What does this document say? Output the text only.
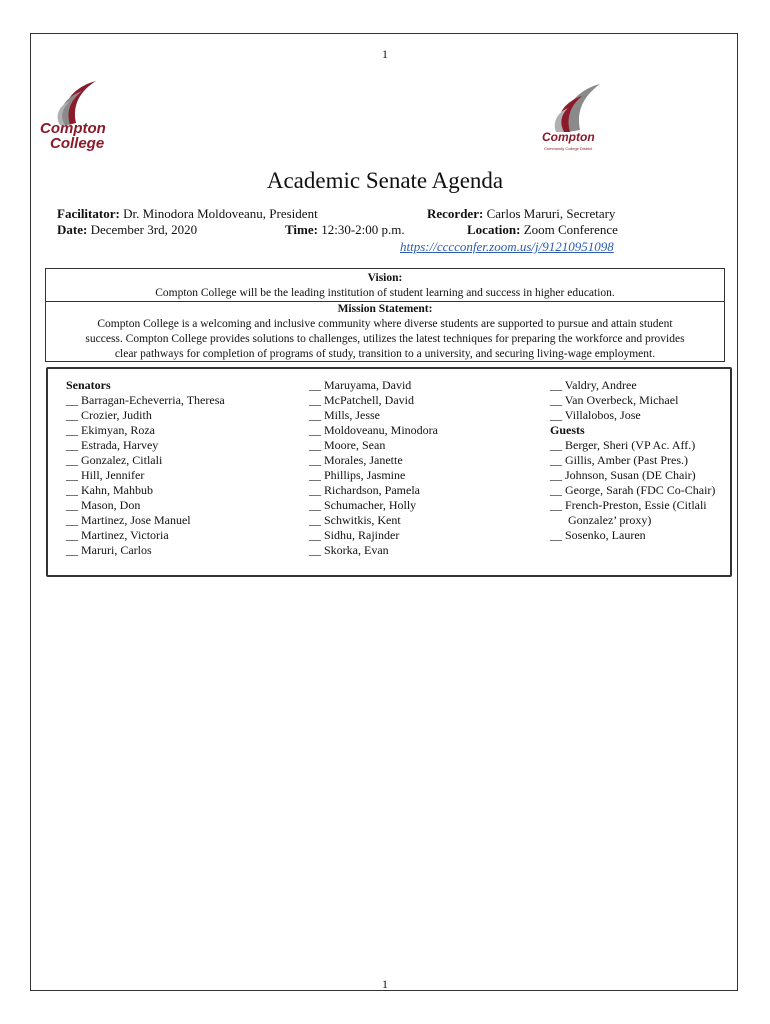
1
Compton
College	Compton
Community College District
Academic Senate Agenda
Facilitator: Dr. Minodora Moldoveanu, President	Recorder: Carlos Maruri, Secretary
Date: December 3rd, 2020	Time: 12:30-2:00 p.m.	Location: Zoom Conference
https://cccconfer.zoom.us/j/91210951098
Vision:
Compton College will be the leading institution of student learning and success in higher education.
Mission Statement:
Compton College is a welcoming and inclusive community where diverse students are supported to pursue and attain student
success. Compton College provides solutions to challenges, utilizes the latest techniques for preparing the workforce and provides
clear pathways for completion of programs of study, transition to a university, and securing living-wage employment.
Senators
__ Barragan-Echeverria, Theresa
__ Crozier, Judith
__ Ekimyan, Roza
__ Estrada, Harvey
__ Gonzalez, Citlali
__ Hill, Jennifer
__ Kahn, Mahbub
__ Mason, Don
__ Martinez, Jose Manuel
__ Martinez, Victoria
__ Maruri, Carlos
__ Maruyama, David
__ McPatchell, David
__ Mills, Jesse
__ Moldoveanu, Minodora
__ Moore, Sean
__ Morales, Janette
__ Phillips, Jasmine
__ Richardson, Pamela
__ Schumacher, Holly
__ Schwitkis, Kent
__ Sidhu, Rajinder
__ Skorka, Evan
__ Valdry, Andree
__ Van Overbeck, Michael
__ Villalobos, Jose
Guests
__ Berger, Sheri (VP Ac. Aff.)
__ Gillis, Amber (Past Pres.)
__ Johnson, Susan (DE Chair)
__ George, Sarah (FDC Co-Chair)
__ French-Preston, Essie (Citlali
Gonzalez’ proxy)
__ Sosenko, Lauren
1
